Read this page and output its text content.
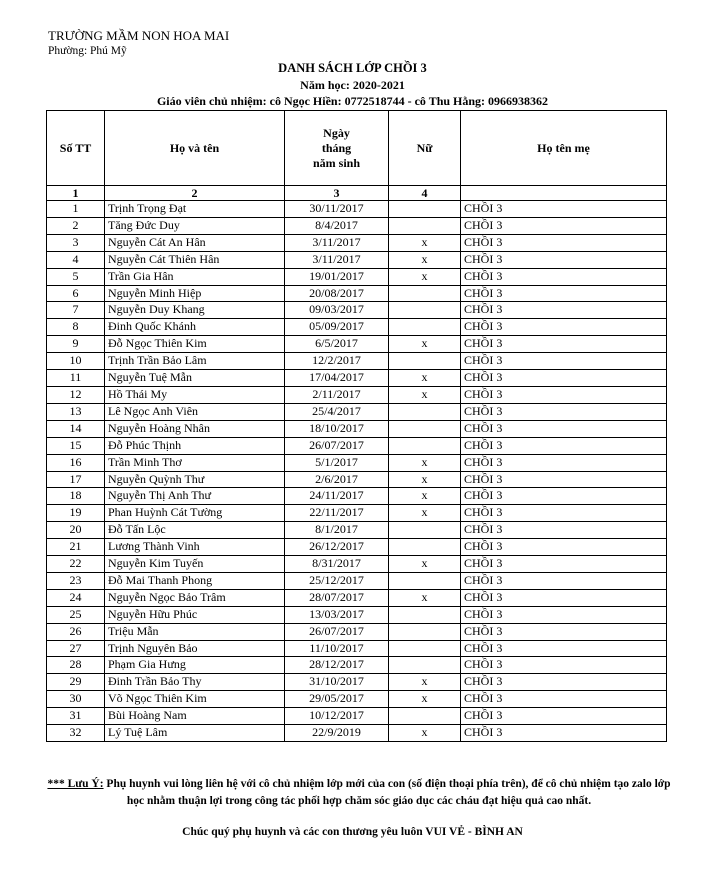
TRƯỜNG MẦM NON HOA MAI
Phường: Phú Mỹ
DANH SÁCH LỚP CHỒI 3
Năm học: 2020-2021
Giáo viên chủ nhiệm: cô Ngọc Hiền: 0772518744 - cô Thu Hằng: 0966938362
Số TT	Họ và tên	Ngày tháng năm sinh	Nữ	Họ tên mẹ
1	2	3	4	
1	Trịnh Trọng Đạt	30/11/2017		CHỒI 3
2	Tăng Đức Duy	8/4/2017		CHỒI 3
3	Nguyễn Cát An Hân	3/11/2017	x	CHỒI 3
4	Nguyễn Cát Thiên Hân	3/11/2017	x	CHỒI 3
5	Trần Gia Hân	19/01/2017	x	CHỒI 3
6	Nguyễn Minh Hiệp	20/08/2017		CHỒI 3
7	Nguyễn Duy Khang	09/03/2017		CHỒI 3
8	Đinh Quốc Khánh	05/09/2017		CHỒI 3
9	Đỗ Ngọc Thiên Kim	6/5/2017	x	CHỒI 3
10	Trịnh Trần Bảo Lâm	12/2/2017		CHỒI 3
11	Nguyễn Tuệ Mẫn	17/04/2017	x	CHỒI 3
12	Hồ Thái My	2/11/2017	x	CHỒI 3
13	Lê Ngọc Anh Viên	25/4/2017		CHỒI 3
14	Nguyễn Hoàng Nhân	18/10/2017		CHỒI 3
15	Đỗ Phúc Thịnh	26/07/2017		CHỒI 3
16	Trần Minh Thơ	5/1/2017	x	CHỒI 3
17	Nguyễn Quỳnh Thư	2/6/2017	x	CHỒI 3
18	Nguyễn Thị Anh Thư	24/11/2017	x	CHỒI 3
19	Phan Huỳnh Cát Tường	22/11/2017	x	CHỒI 3
20	Đỗ Tấn Lộc	8/1/2017		CHỒI 3
21	Lương Thành Vinh	26/12/2017		CHỒI 3
22	Nguyễn Kim Tuyến	8/31/2017	x	CHỒI 3
23	Đỗ Mai Thanh Phong	25/12/2017		CHỒI 3
24	Nguyễn Ngọc Bảo Trâm	28/07/2017	x	CHỒI 3
25	Nguyễn Hữu Phúc	13/03/2017		CHỒI 3
26	Triệu Mẫn	26/07/2017		CHỒI 3
27	Trịnh Nguyên Bảo	11/10/2017		CHỒI 3
28	Phạm Gia Hưng	28/12/2017		CHỒI 3
29	Đinh Trần Bảo Thy	31/10/2017	x	CHỒI 3
30	Võ Ngọc Thiên Kim	29/05/2017	x	CHỒI 3
31	Bùi Hoàng Nam	10/12/2017		CHỒI 3
32	Lý Tuệ Lâm	22/9/2019	x	CHỒI 3
*** Lưu Ý: Phụ huynh vui lòng liên hệ với cô chủ nhiệm lớp mới của con (số điện thoại phía trên), để cô chủ nhiệm tạo zalo lớp học nhằm thuận lợi trong công tác phối hợp chăm sóc giáo dục các cháu đạt hiệu quả cao nhất.
Chúc quý phụ huynh và các con thương yêu luôn VUI VẺ - BÌNH AN
